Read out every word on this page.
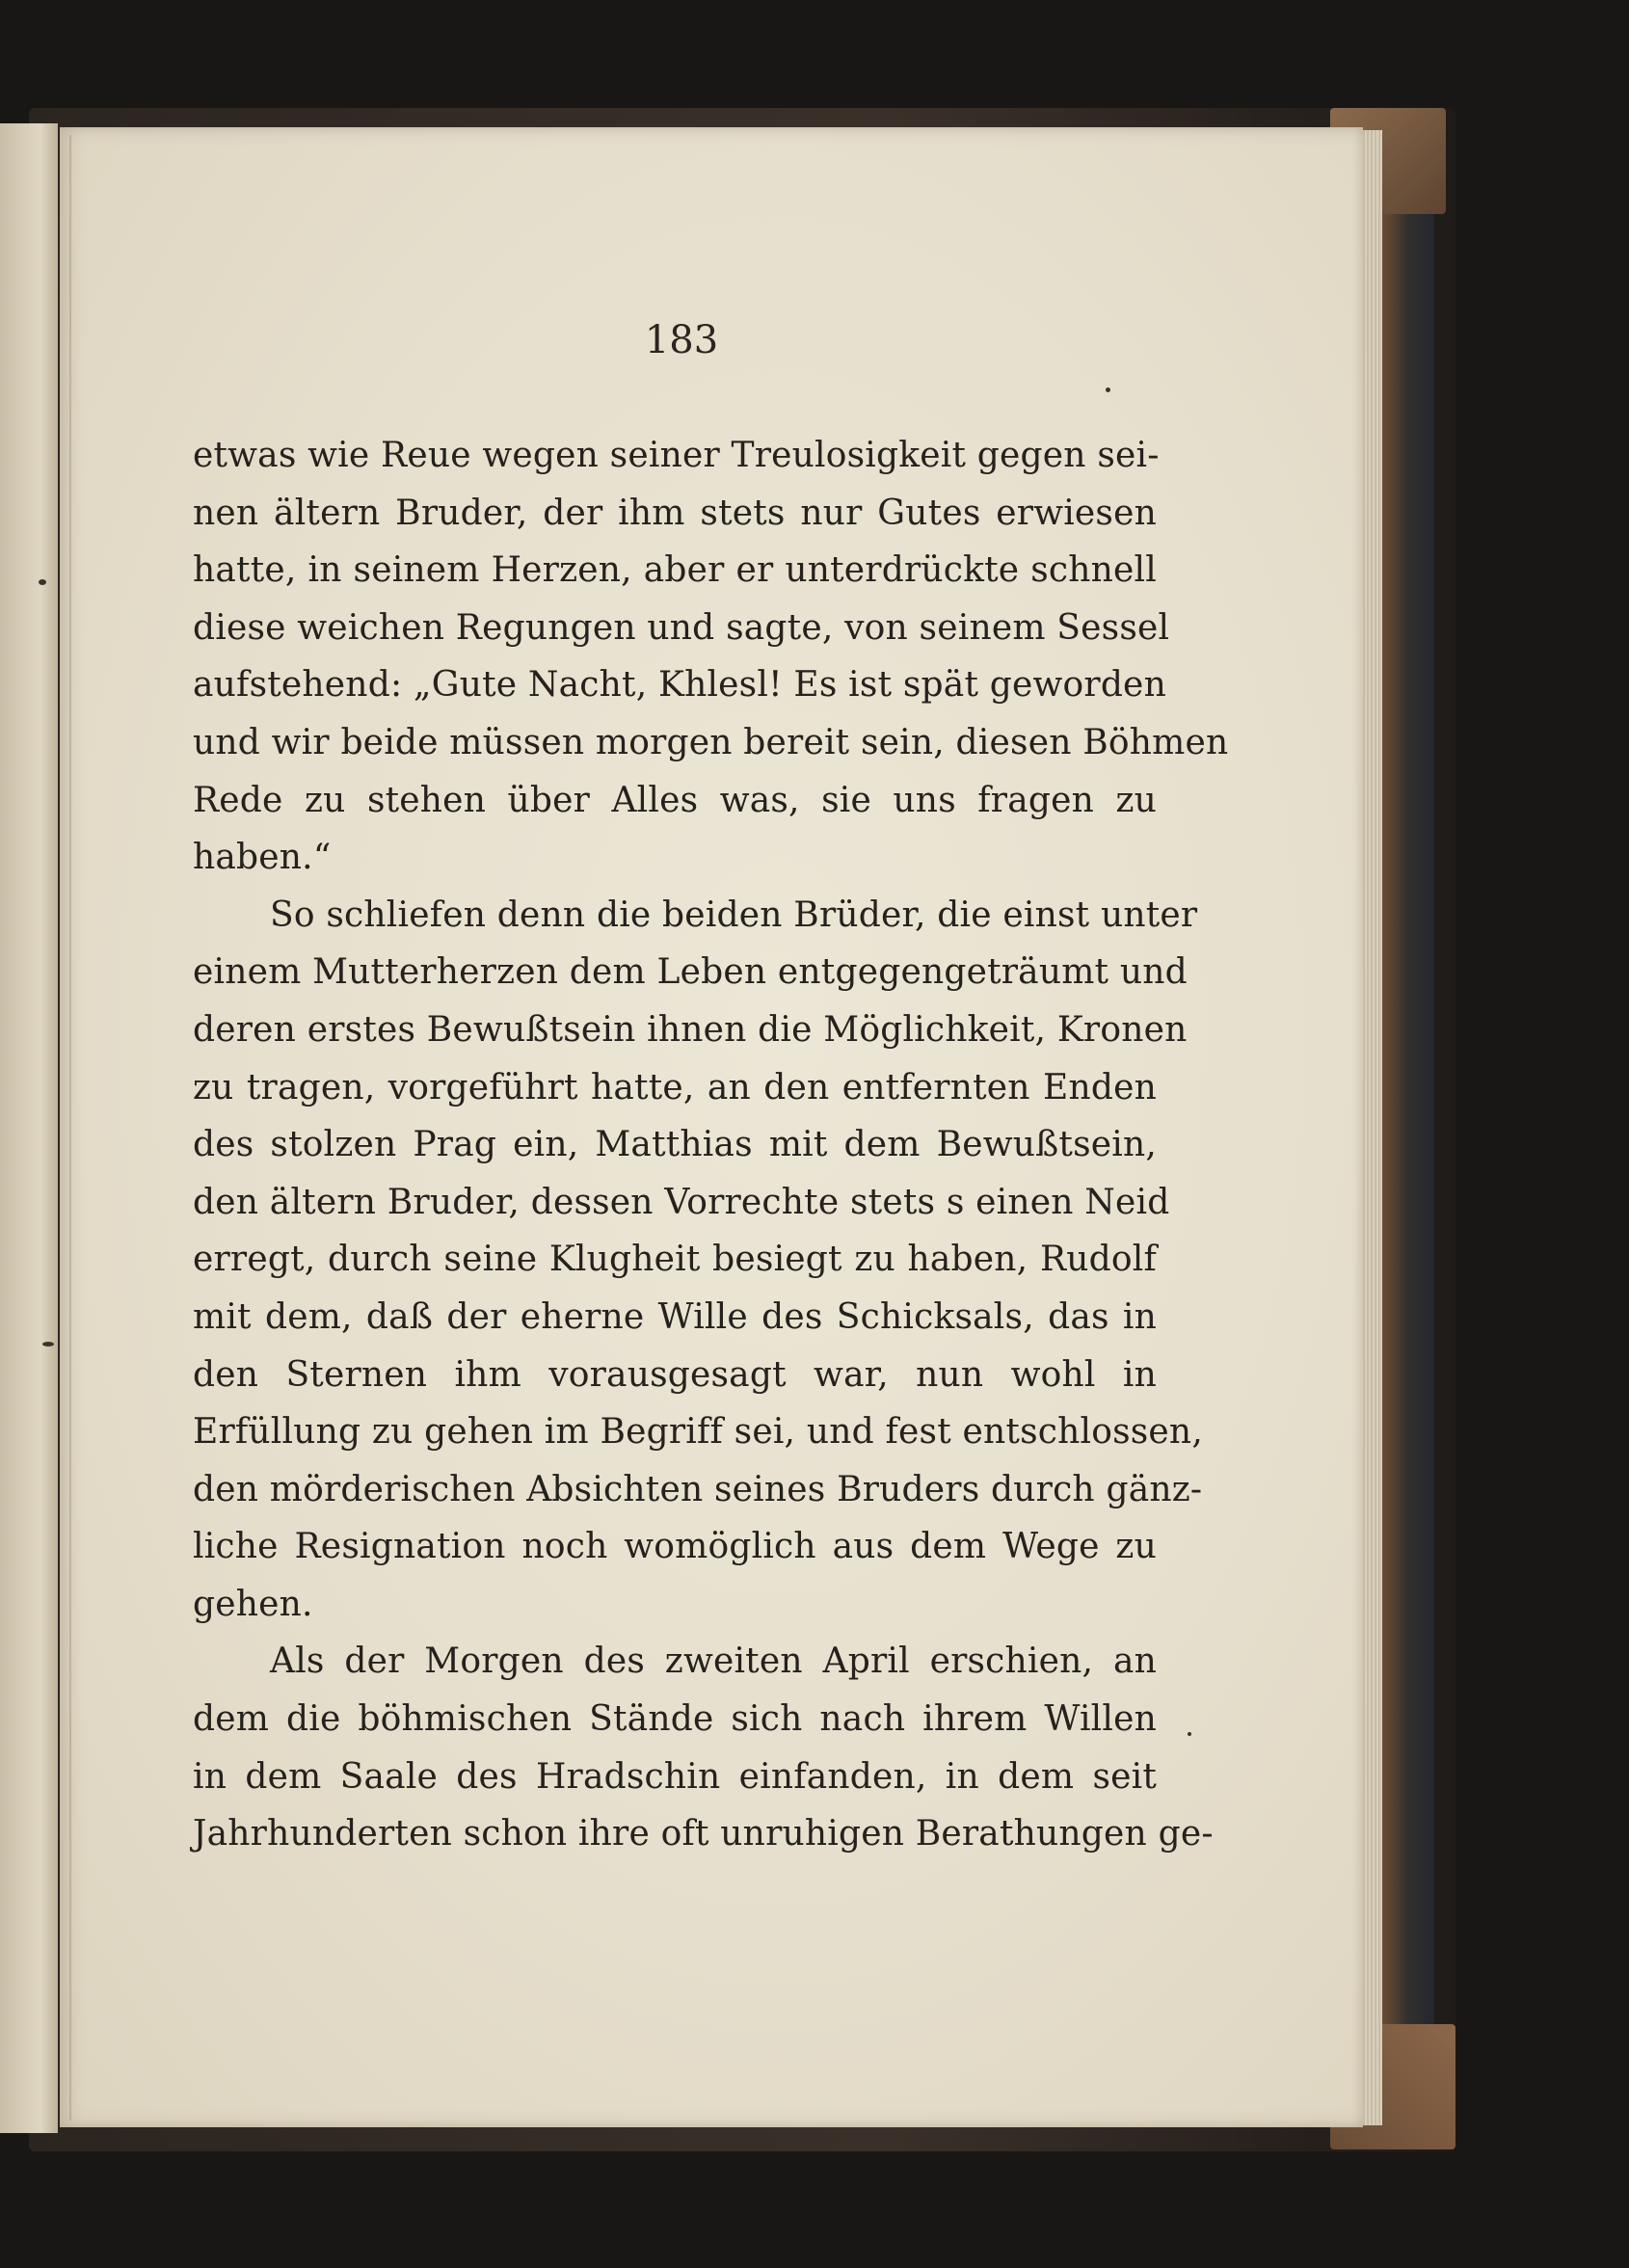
183
etwas wie Reue wegen seiner Treulosigkeit gegen sei-
nen ältern Bruder, der ihm stets nur Gutes erwiesen
hatte, in seinem Herzen, aber er unterdrückte schnell
diese weichen Regungen und sagte, von seinem Sessel
aufstehend: „Gute Nacht, Khlesl! Es ist spät geworden
und wir beide müssen morgen bereit sein, diesen Böhmen
Rede zu stehen über Alles was, sie uns fragen zu
haben.“
So schliefen denn die beiden Brüder, die einst unter
einem Mutterherzen dem Leben entgegengeträumt und
deren erstes Bewußtsein ihnen die Möglichkeit, Kronen
zu tragen, vorgeführt hatte, an den entfernten Enden
des stolzen Prag ein, Matthias mit dem Bewußtsein,
den ältern Bruder, dessen Vorrechte stets s einen Neid
erregt, durch seine Klugheit besiegt zu haben, Rudolf
mit dem, daß der eherne Wille des Schicksals, das in
den Sternen ihm vorausgesagt war, nun wohl in
Erfüllung zu gehen im Begriff sei, und fest entschlossen,
den mörderischen Absichten seines Bruders durch gänz-
liche Resignation noch womöglich aus dem Wege zu
gehen.
Als der Morgen des zweiten April erschien, an
dem die böhmischen Stände sich nach ihrem Willen
in dem Saale des Hradschin einfanden, in dem seit
Jahrhunderten schon ihre oft unruhigen Berathungen ge-
